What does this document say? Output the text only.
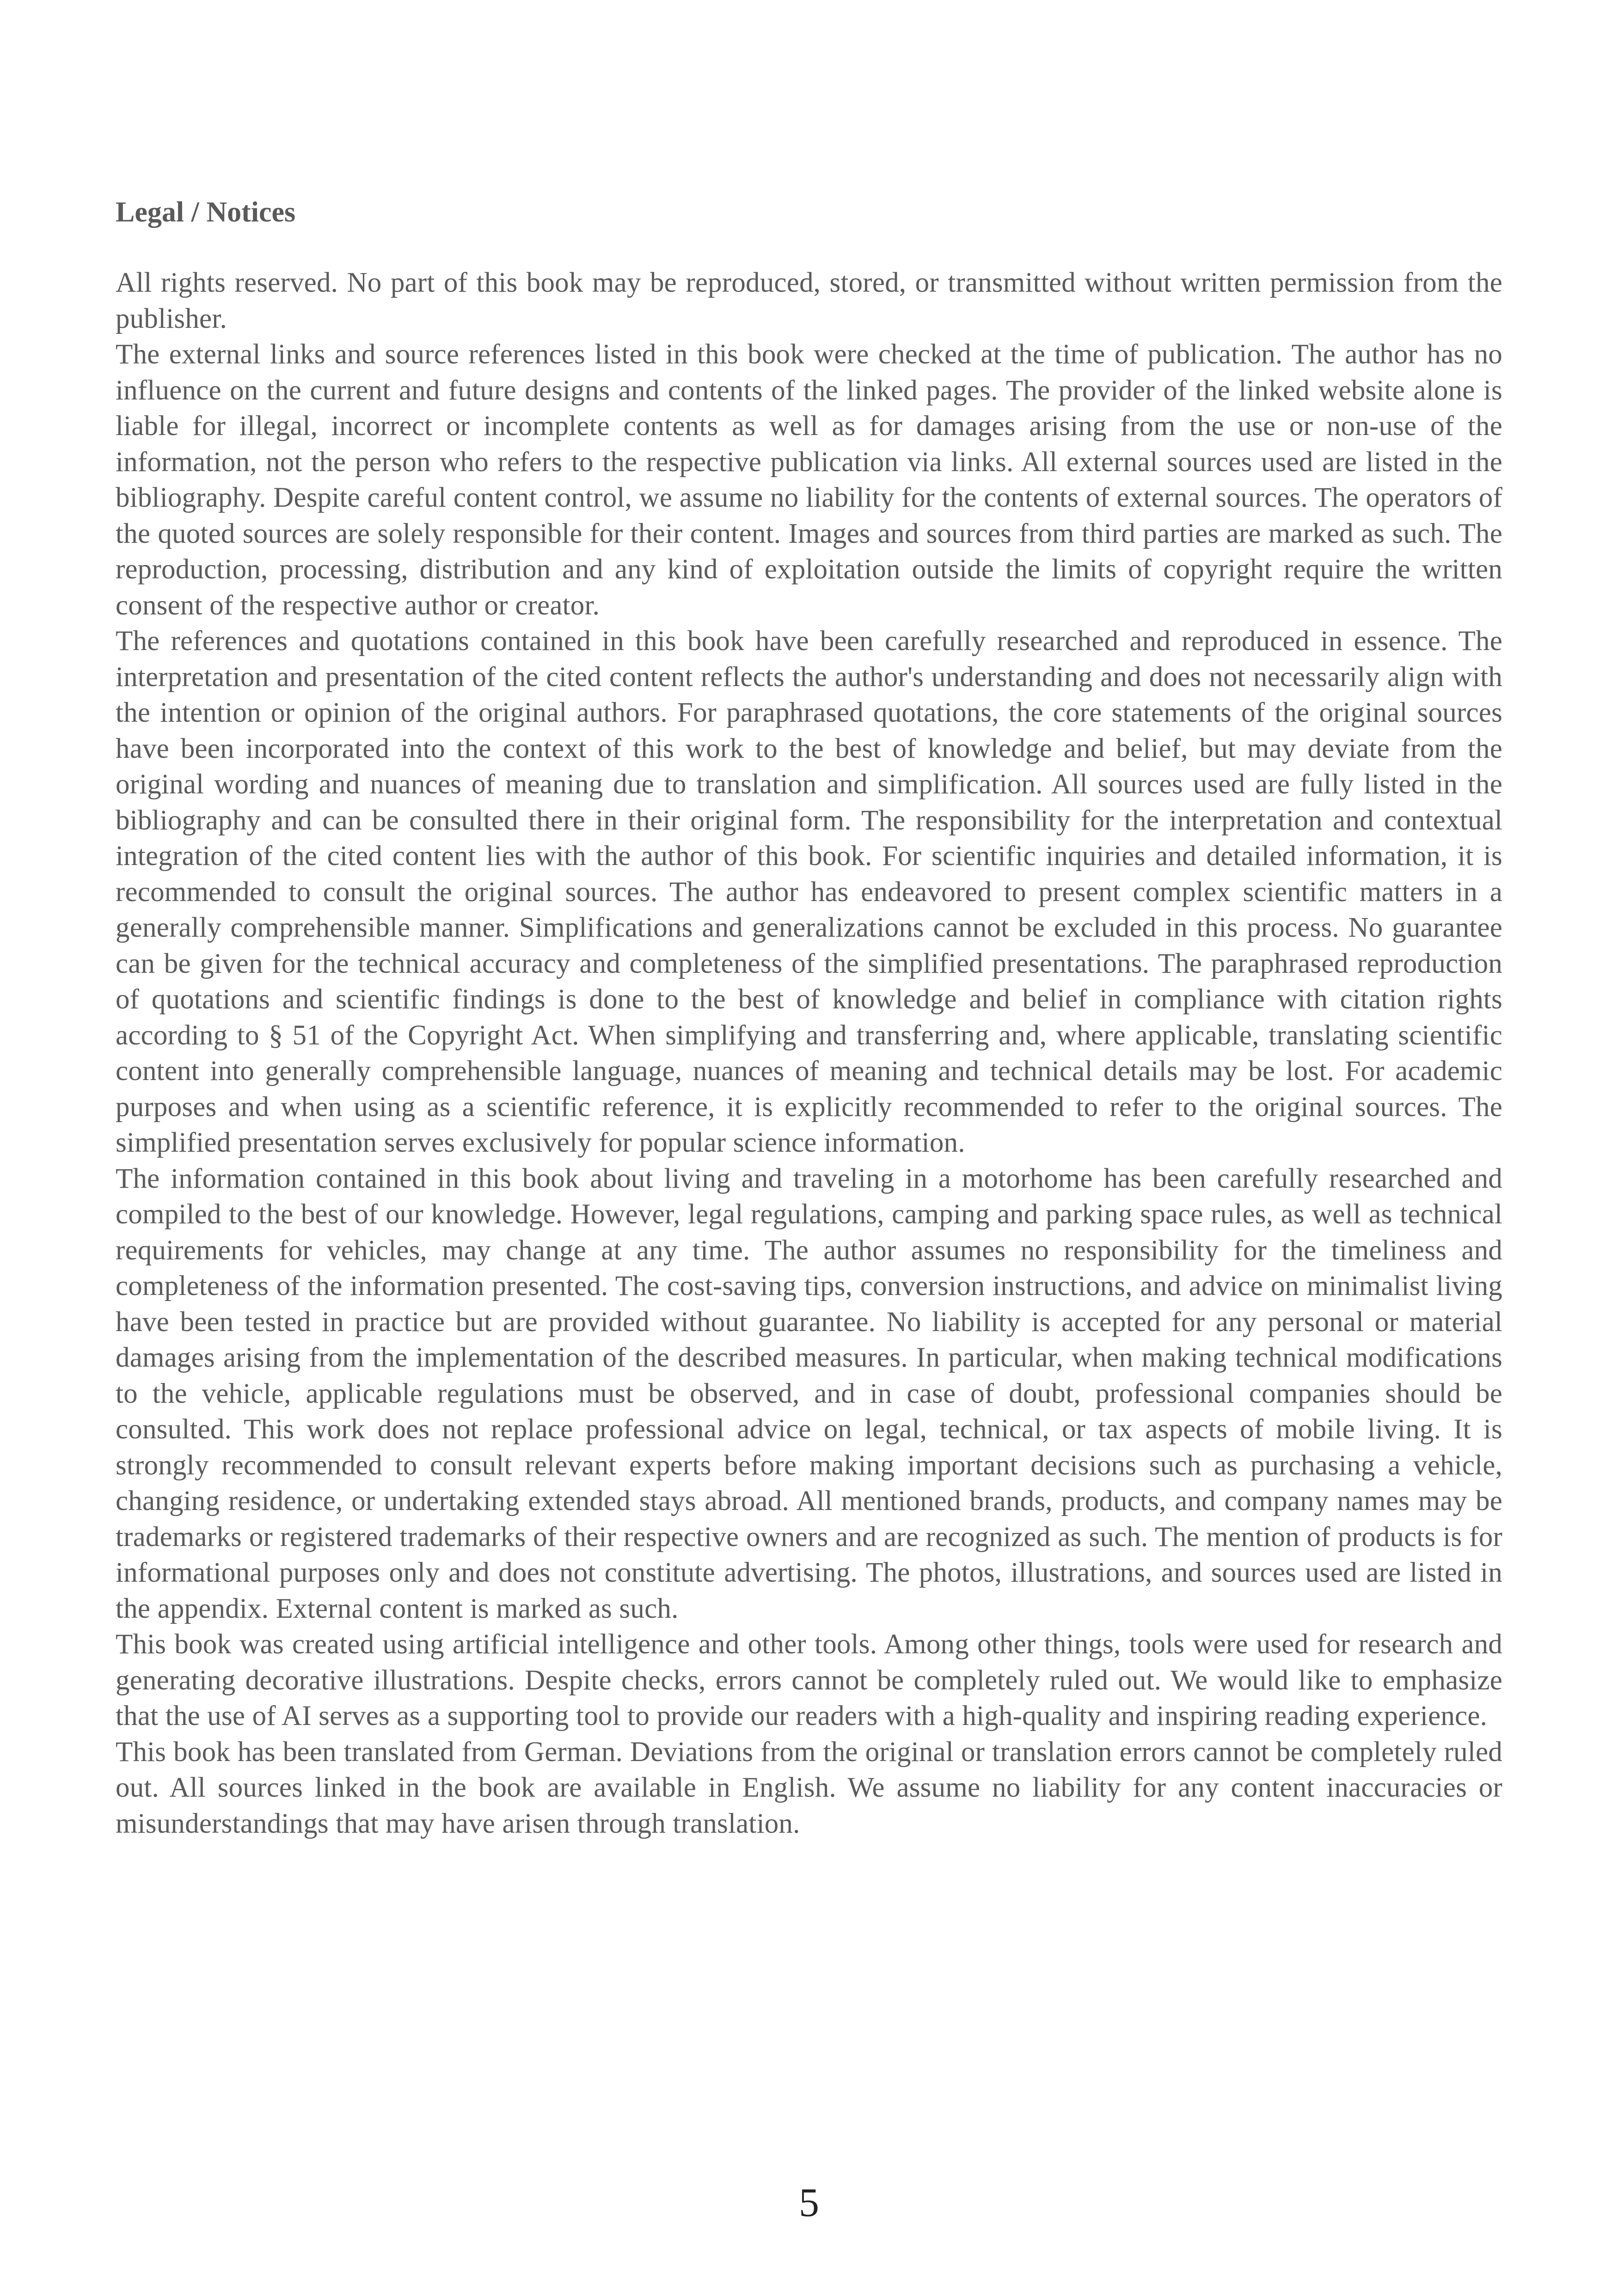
Legal / Notices

All rights reserved. No part of this book may be reproduced, stored, or transmitted without written permission from the publisher.

The external links and source references listed in this book were checked at the time of publication. The author has no influence on the current and future designs and contents of the linked pages. The provider of the linked website alone is liable for illegal, incorrect or incomplete contents as well as for damages arising from the use or non-use of the information, not the person who refers to the respective publication via links. All external sources used are listed in the bibliography. Despite careful content control, we assume no liability for the contents of external sources. The operators of the quoted sources are solely responsible for their content. Images and sources from third parties are marked as such. The reproduction, processing, distribution and any kind of exploitation outside the limits of copyright require the written consent of the respective author or creator.

The references and quotations contained in this book have been carefully researched and reproduced in essence. The interpretation and presentation of the cited content reflects the author's understanding and does not necessarily align with the intention or opinion of the original authors. For paraphrased quotations, the core statements of the original sources have been incorporated into the context of this work to the best of knowledge and belief, but may deviate from the original wording and nuances of meaning due to translation and simplification. All sources used are fully listed in the bibliography and can be consulted there in their original form. The responsibility for the interpretation and contextual integration of the cited content lies with the author of this book. For scientific inquiries and detailed information, it is recommended to consult the original sources. The author has endeavored to present complex scientific matters in a generally comprehensible manner. Simplifications and generalizations cannot be excluded in this process. No guarantee can be given for the technical accuracy and completeness of the simplified presentations. The paraphrased reproduction of quotations and scientific findings is done to the best of knowledge and belief in compliance with citation rights according to § 51 of the Copyright Act. When simplifying and transferring and, where applicable, translating scientific content into generally comprehensible language, nuances of meaning and technical details may be lost. For academic purposes and when using as a scientific reference, it is explicitly recommended to refer to the original sources. The simplified presentation serves exclusively for popular science information.

The information contained in this book about living and traveling in a motorhome has been carefully researched and compiled to the best of our knowledge. However, legal regulations, camping and parking space rules, as well as technical requirements for vehicles, may change at any time. The author assumes no responsibility for the timeliness and completeness of the information presented. The cost-saving tips, conversion instructions, and advice on minimalist living have been tested in practice but are provided without guarantee. No liability is accepted for any personal or material damages arising from the implementation of the described measures. In particular, when making technical modifications to the vehicle, applicable regulations must be observed, and in case of doubt, professional companies should be consulted. This work does not replace professional advice on legal, technical, or tax aspects of mobile living. It is strongly recommended to consult relevant experts before making important decisions such as purchasing a vehicle, changing residence, or undertaking extended stays abroad. All mentioned brands, products, and company names may be trademarks or registered trademarks of their respective owners and are recognized as such. The mention of products is for informational purposes only and does not constitute advertising. The photos, illustrations, and sources used are listed in the appendix. External content is marked as such.

This book was created using artificial intelligence and other tools. Among other things, tools were used for research and generating decorative illustrations. Despite checks, errors cannot be completely ruled out. We would like to emphasize that the use of AI serves as a supporting tool to provide our readers with a high-quality and inspiring reading experience.

This book has been translated from German. Deviations from the original or translation errors cannot be completely ruled out. All sources linked in the book are available in English. We assume no liability for any content inaccuracies or misunderstandings that may have arisen through translation.

5
